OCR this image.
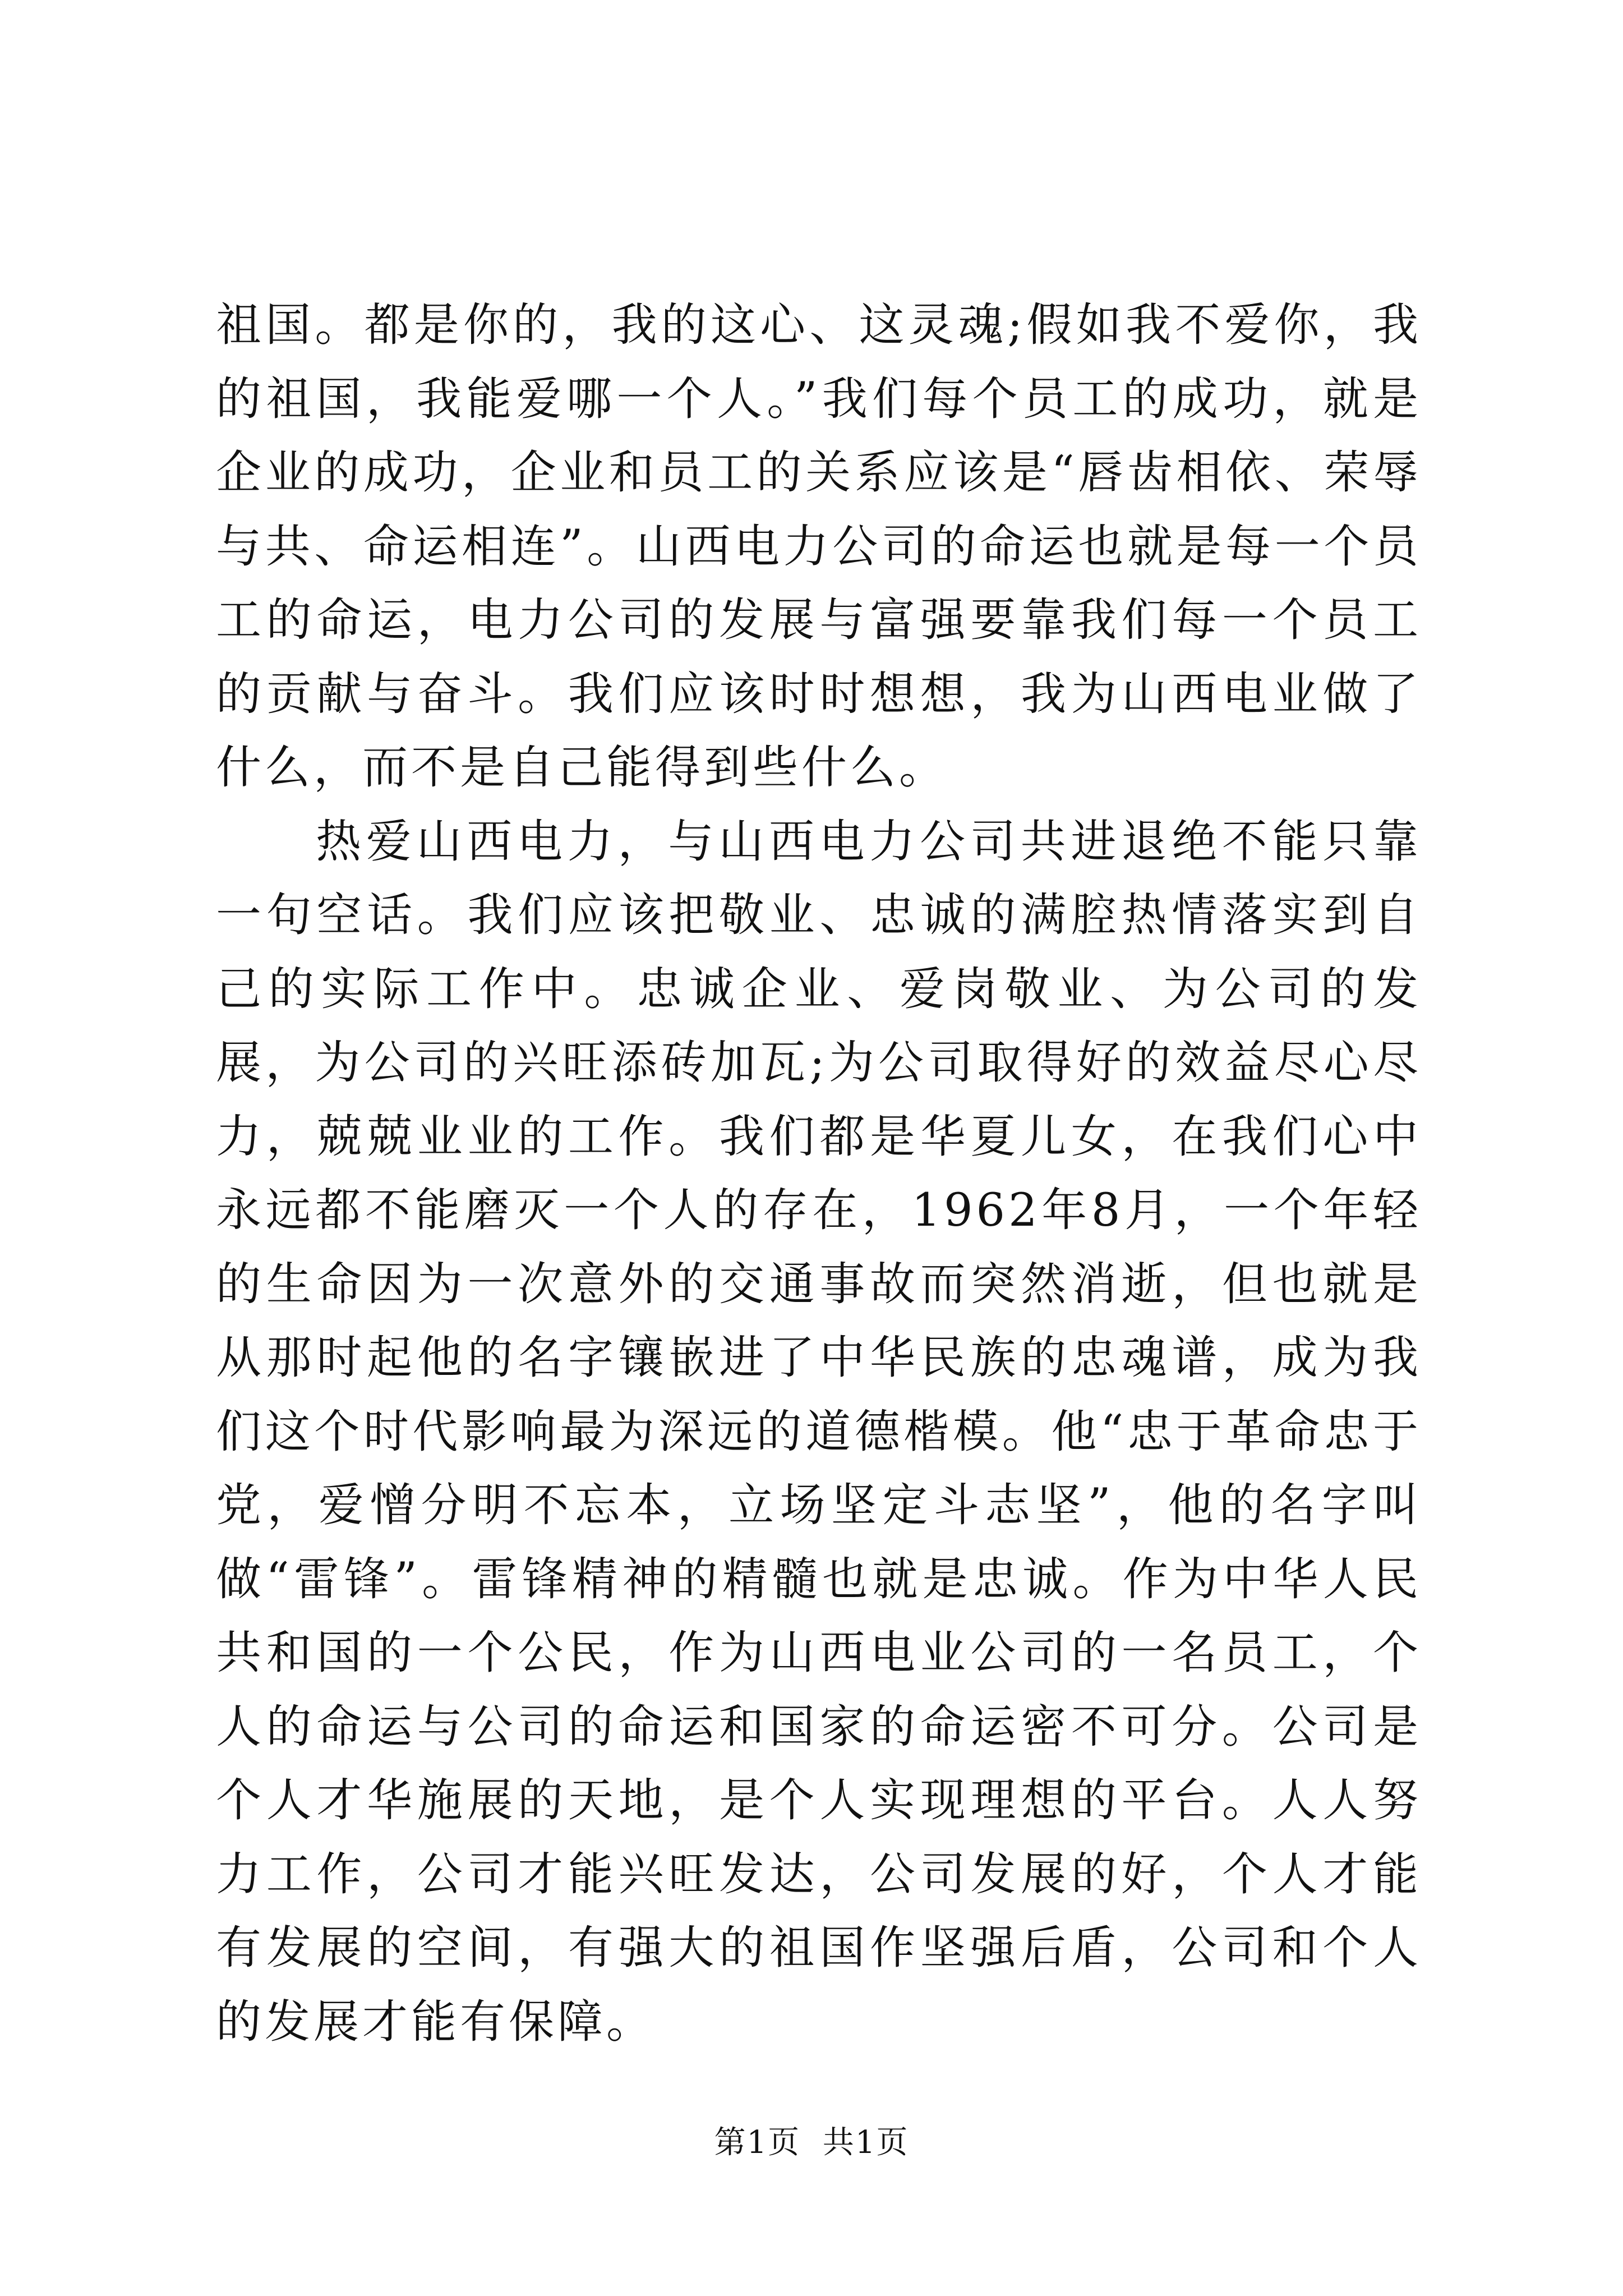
祖国。都是你的，我的这心、这灵魂;假如我不爱你，我的祖国，我能爱哪一个人。”我们每个员工的成功，就是企业的成功，企业和员工的关系应该是“唇齿相依、荣辱与共、命运相连”。山西电力公司的命运也就是每一个员工的命运，电力公司的发展与富强要靠我们每一个员工的贡献与奋斗。我们应该时时想想，我为山西电业做了什么，而不是自己能得到些什么。

热爱山西电力，与山西电力公司共进退绝不能只靠一句空话。我们应该把敬业、忠诚的满腔热情落实到自己的实际工作中。忠诚企业、爱岗敬业、为公司的发展，为公司的兴旺添砖加瓦;为公司取得好的效益尽心尽力，兢兢业业的工作。我们都是华夏儿女，在我们心中永远都不能磨灭一个人的存在，1962年8月，一个年轻的生命因为一次意外的交通事故而突然消逝，但也就是从那时起他的名字镶嵌进了中华民族的忠魂谱，成为我们这个时代影响最为深远的道德楷模。他“忠于革命忠于党，爱憎分明不忘本，立场坚定斗志坚”，他的名字叫做“雷锋”。雷锋精神的精髓也就是忠诚。作为中华人民共和国的一个公民，作为山西电业公司的一名员工，个人的命运与公司的命运和国家的命运密不可分。公司是个人才华施展的天地，是个人实现理想的平台。人人努力工作，公司才能兴旺发达，公司发展的好，个人才能有发展的空间，有强大的祖国作坚强后盾，公司和个人的发展才能有保障。

第1页 共1页
